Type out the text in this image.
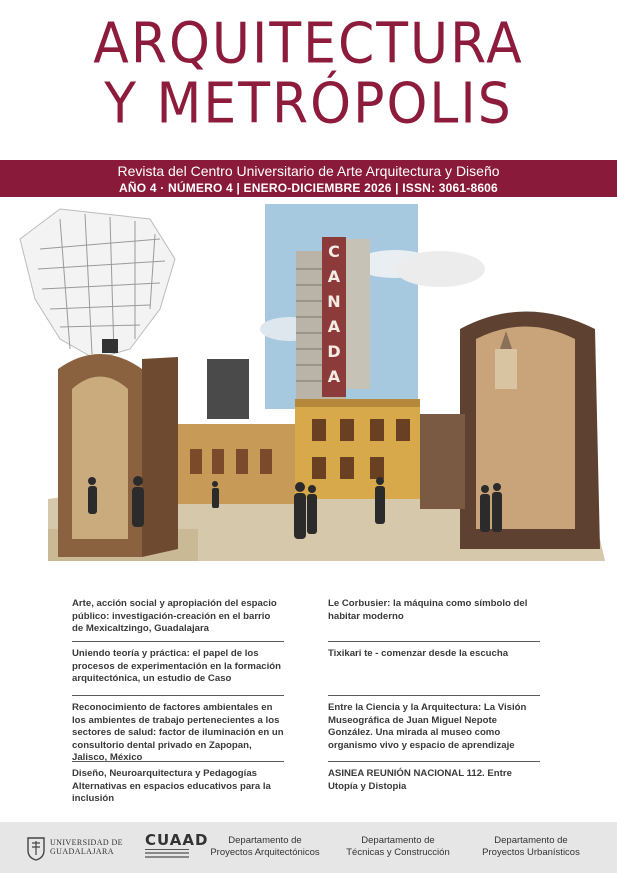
ARQUITECTURA
Y METRÓPOLIS
Revista del Centro Universitario de Arte Arquitectura y Diseño
AÑO 4 · NÚMERO 4 | ENERO-DICIEMBRE 2026 | ISSN: 3061-8606
C
A
N
A
D
A
Arte, acción social y apropiación del espacio público: investigación-creación en el barrio de Mexicaltzingo, Guadalajara
Uniendo teoría y práctica: el papel de los procesos de experimentación en la formación arquitectónica, un estudio de Caso
Reconocimiento de factores ambientales en los ambientes de trabajo pertenecientes a los sectores de salud: factor de iluminación en un consultorio dental privado en Zapopan, Jalisco, México
Diseño, Neuroarquitectura y Pedagogías Alternativas en espacios educativos para la inclusión
Le Corbusier: la máquina como símbolo del habitar moderno
Tixikari te - comenzar desde la escucha
Entre la Ciencia y la Arquitectura: La Visión Museográfica de Juan Miguel Nepote González. Una mirada al museo como organismo vivo y espacio de aprendizaje
ASINEA REUNIÓN NACIONAL 112. Entre Utopía y Distopia
UNIVERSIDAD DE
GUADALAJARA
CUAAD	Departamento de
Proyectos Arquitectónicos
Departamento de
Técnicas y Construcción
Departamento de
Proyectos Urbanísticos
